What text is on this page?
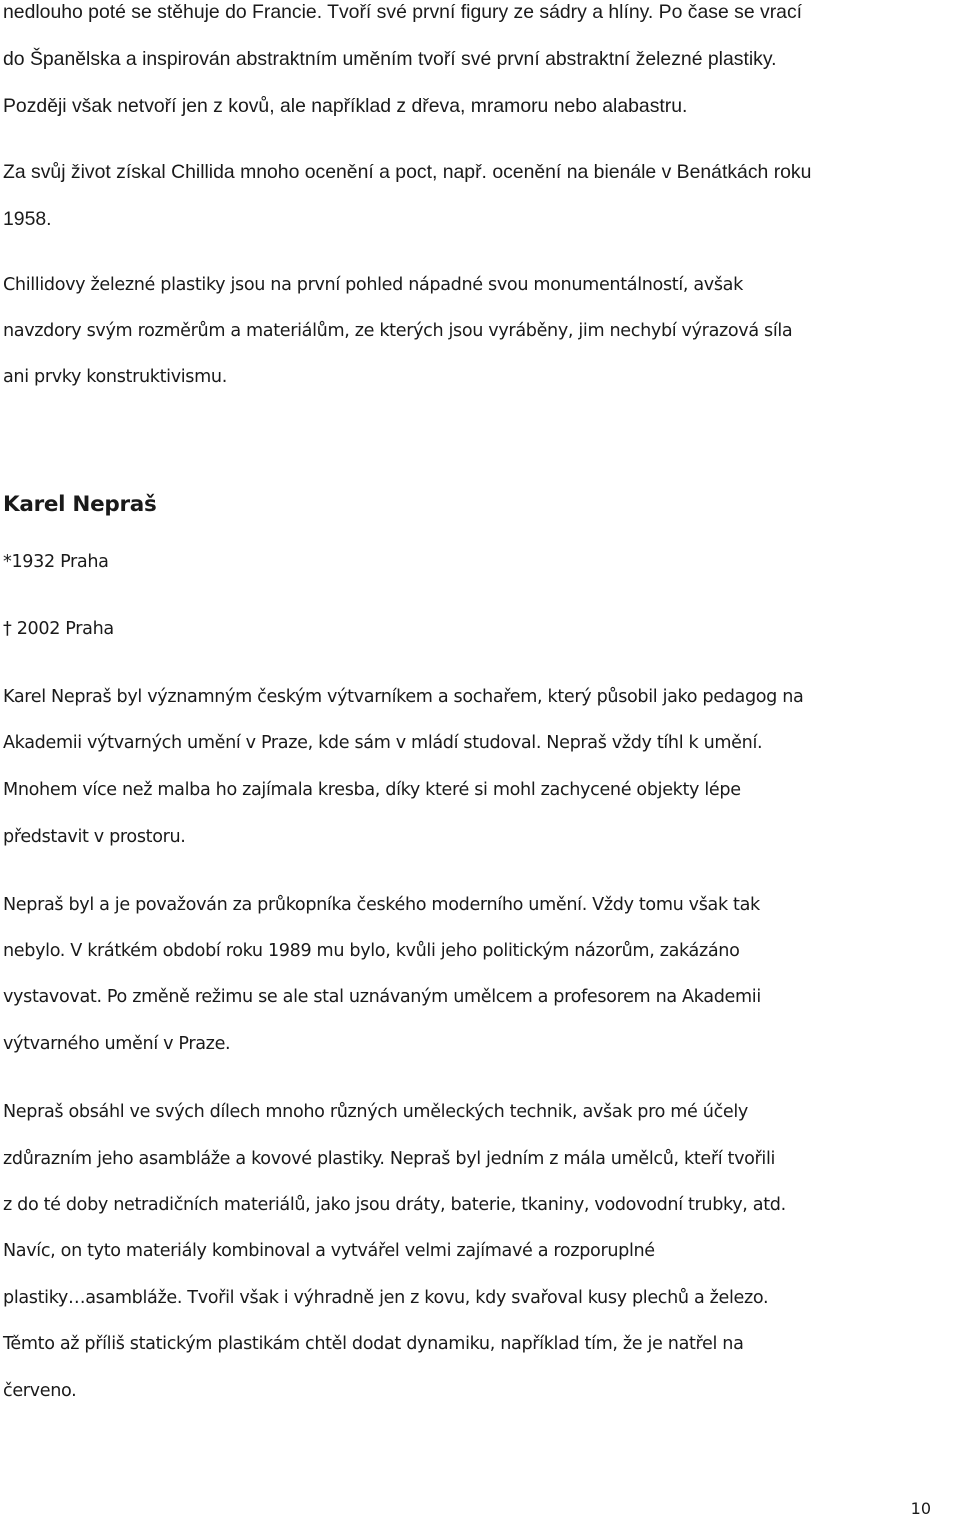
nedlouho poté se stěhuje do Francie. Tvoří své první figury ze sádry a hlíny. Po čase se vrací
do Španělska a inspirován abstraktním uměním tvoří své první abstraktní železné plastiky.
Později však netvoří jen z kovů, ale například z dřeva, mramoru nebo alabastru.
Za svůj život získal Chillida mnoho ocenění a poct, např. ocenění na bienále v Benátkách roku
1958.
Chillidovy železné plastiky jsou na první pohled nápadné svou monumentálností, avšak
navzdory svým rozměrům a materiálům, ze kterých jsou vyráběny, jim nechybí výrazová síla
ani prvky konstruktivismu.
Karel Nepraš
*1932 Praha
† 2002 Praha
Karel Nepraš byl významným českým výtvarníkem a sochařem, který působil jako pedagog na
Akademii výtvarných umění v Praze, kde sám v mládí studoval. Nepraš vždy tíhl k umění.
Mnohem více než malba ho zajímala kresba, díky které si mohl zachycené objekty lépe
představit v prostoru.
Nepraš byl a je považován za průkopníka českého moderního umění. Vždy tomu však tak
nebylo. V krátkém období roku 1989 mu bylo, kvůli jeho politickým názorům, zakázáno
vystavovat. Po změně režimu se ale stal uznávaným umělcem a profesorem na Akademii
výtvarného umění v Praze.
Nepraš obsáhl ve svých dílech mnoho různých uměleckých technik, avšak pro mé účely
zdůrazním jeho asambláže a kovové plastiky. Nepraš byl jedním z mála umělců, kteří tvořili
z do té doby netradičních materiálů, jako jsou dráty, baterie, tkaniny, vodovodní trubky, atd.
Navíc, on tyto materiály kombinoval a vytvářel velmi zajímavé a rozporuplné
plastiky…asambláže. Tvořil však i výhradně jen z kovu, kdy svařoval kusy plechů a železo.
Těmto až příliš statickým plastikám chtěl dodat dynamiku, například tím, že je natřel na
červeno.
10
